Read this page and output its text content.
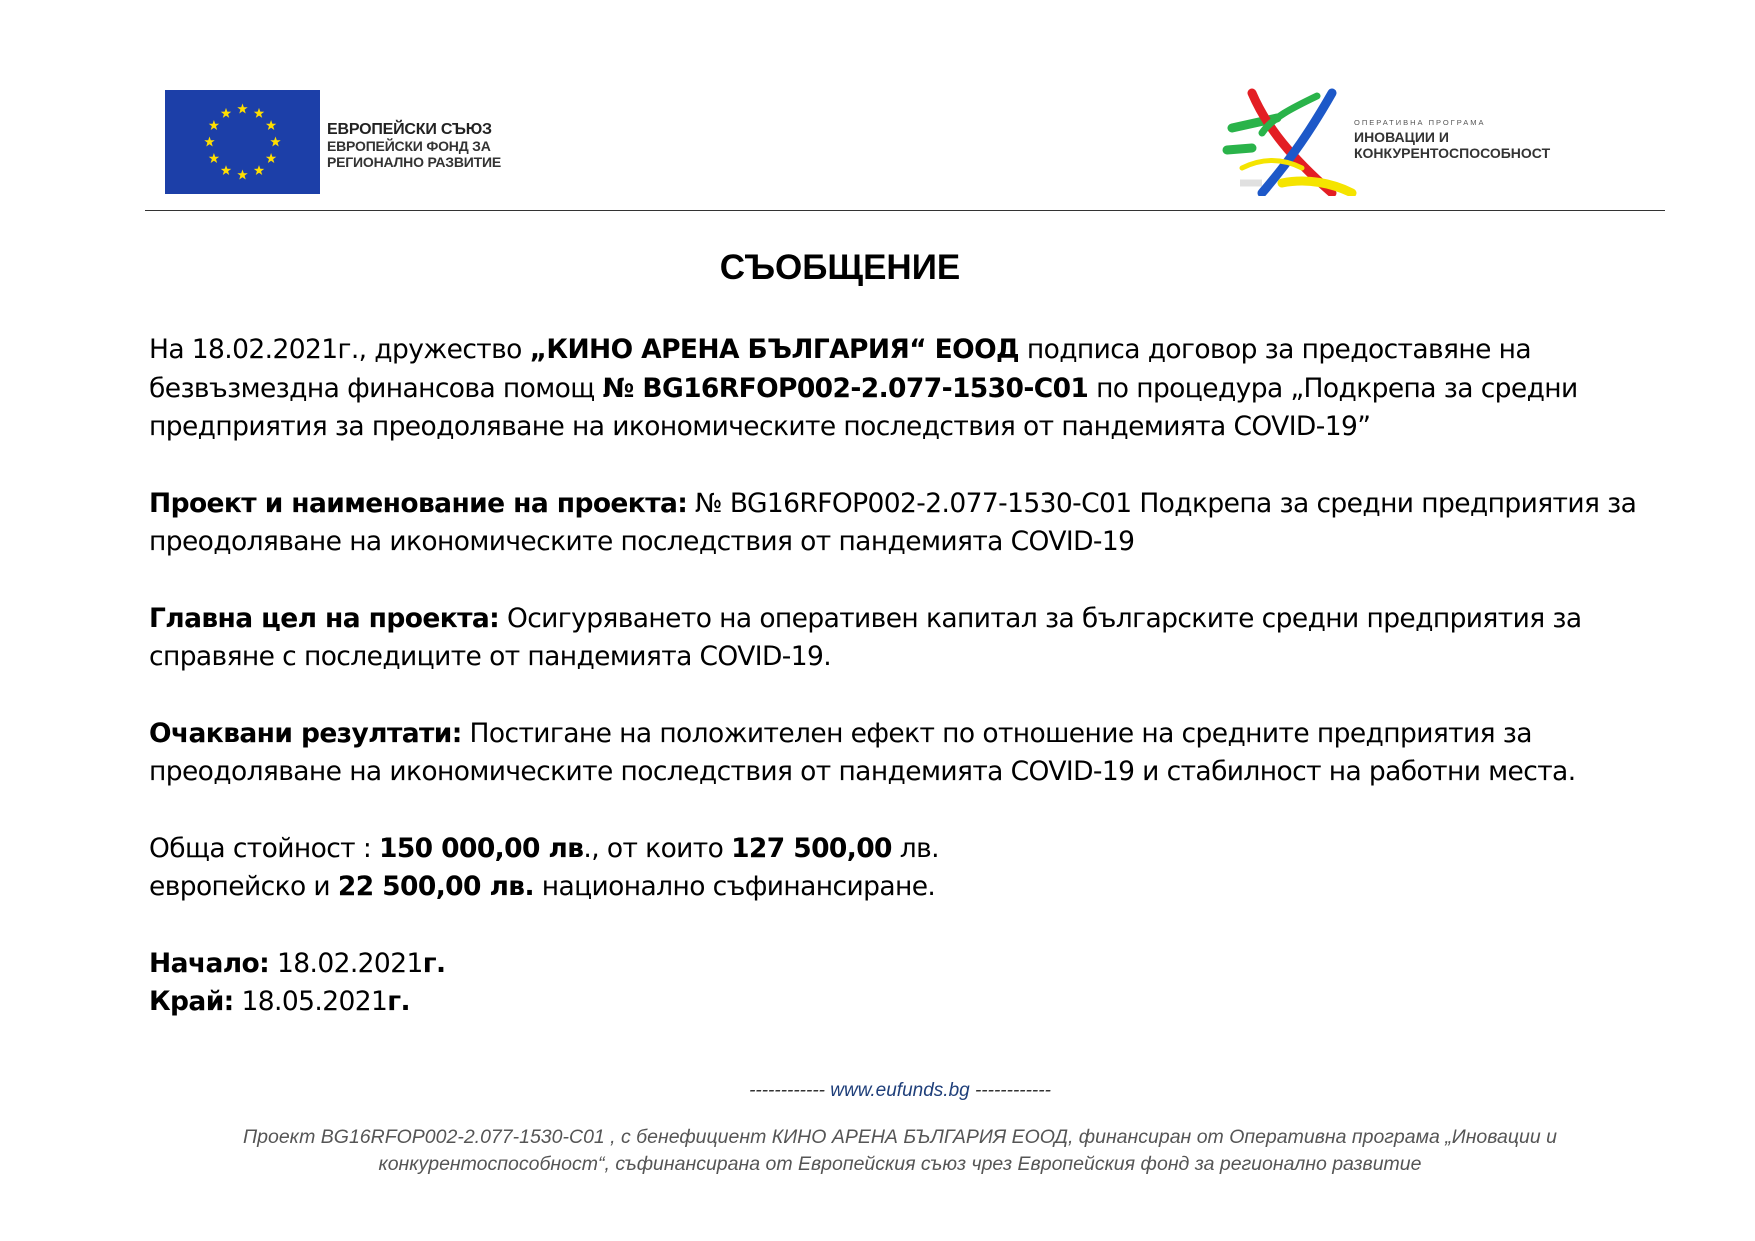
ЕВРОПЕЙСКИ СЪЮЗ
ЕВРОПЕЙСКИ ФОНД ЗА
РЕГИОНАЛНО РАЗВИТИЕ
ОПЕРАТИВНА ПРОГРАМА
ИНОВАЦИИ И
КОНКУРЕНТОСПОСОБНОСТ
СЪОБЩЕНИЕ

На 18.02.2021г., дружество „КИНО АРЕНА БЪЛГАРИЯ“ ЕООД подписа договор за предоставяне на безвъзмездна финансова помощ № BG16RFOP002-2.077-1530-C01 по процедура „Подкрепа за средни предприятия за преодоляване на икономическите последствия от пандемията COVID-19”

Проект и наименование на проекта: № BG16RFOP002-2.077-1530-C01 Подкрепа за средни предприятия за преодоляване на икономическите последствия от пандемията COVID-19

Главна цел на проекта: Осигуряването на оперативен капитал за българските средни предприятия за справяне с последиците от пандемията COVID-19.

Очаквани резултати: Постигане на положителен ефект по отношение на средните предприятия за преодоляване на икономическите последствия от пандемията COVID-19 и стабилност на работни места.

Обща стойност : 150 000,00 лв., от които 127 500,00 лв.
европейско и 22 500,00 лв. национално съфинансиране.

Начало: 18.02.2021г.
Край: 18.05.2021г.

------------ www.eufunds.bg ------------
Проект BG16RFOP002-2.077-1530-C01 , с бенефициент КИНО АРЕНА БЪЛГАРИЯ ЕООД, финансиран от Оперативна програма „Иновации и
конкурентоспособност“, съфинансирана от Европейския съюз чрез Европейския фонд за регионално развитие
